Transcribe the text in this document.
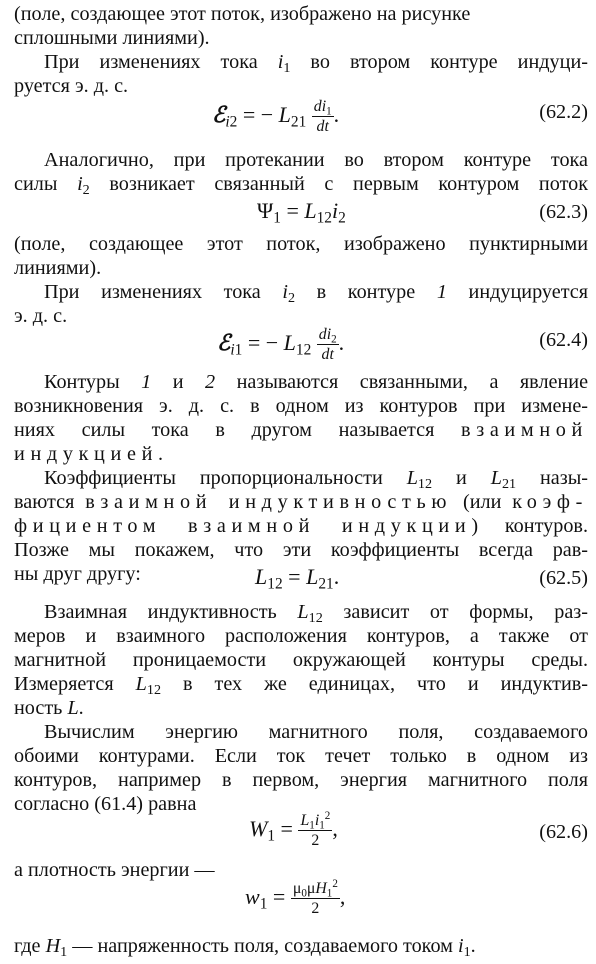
(поле, создающее этот поток, изображено на рисунке
сплошными линиями).
При изменениях тока $i_1$ во втором контуре индуци-
руется э. д. с.
ℰ$_{i2}$ = − $L_{21} \frac{di_1}{dt}$ .	(62.2)
Аналогично, при протекании во втором контуре тока
силы $i_2$ возникает связанный с первым контуром поток
$\Psi_1 = L_{12}i_2$	(62.3)
(поле, создающее этот поток, изображено пунктирными
линиями).
При изменениях тока $i_2$ в контуре 1 индуцируется
э. д. с.
ℰ$_{i1}$ = − $L_{12} \frac{di_2}{dt}$ .	(62.4)
Контуры 1 и 2 называются связанными, а явление
возникновения э. д. с. в одном из контуров при измене-
ниях силы тока в другом называется взаимной
индукцией.
Коэффициенты пропорциональности $L_{12}$ и $L_{21}$ назы-
ваются взаимной индуктивностью (или коэф-
фициентом взаимной индукции) контуров.
Позже мы покажем, что эти коэффициенты всегда рав-
ны друг другу:	$L_{12} = L_{21}$.	(62.5)
Взаимная индуктивность $L_{12}$ зависит от формы, раз-
меров и взаимного расположения контуров, а также от
магнитной проницаемости окружающей контуры среды.
Измеряется $L_{12}$ в тех же единицах, что и индуктив-
ность L.
Вычислим энергию магнитного поля, создаваемого
обоими контурами. Если ток течет только в одном из
контуров, например в первом, энергия магнитного поля
согласно (61.4) равна
$W_1 = \frac{L_1i_1^2}{2}$ ,	(62.6)
а плотность энергии —
$w_1 = \frac{\mu_0\mu H_1^2}{2}$ ,
где $H_1$ — напряженность поля, создаваемого током $i_1$.
